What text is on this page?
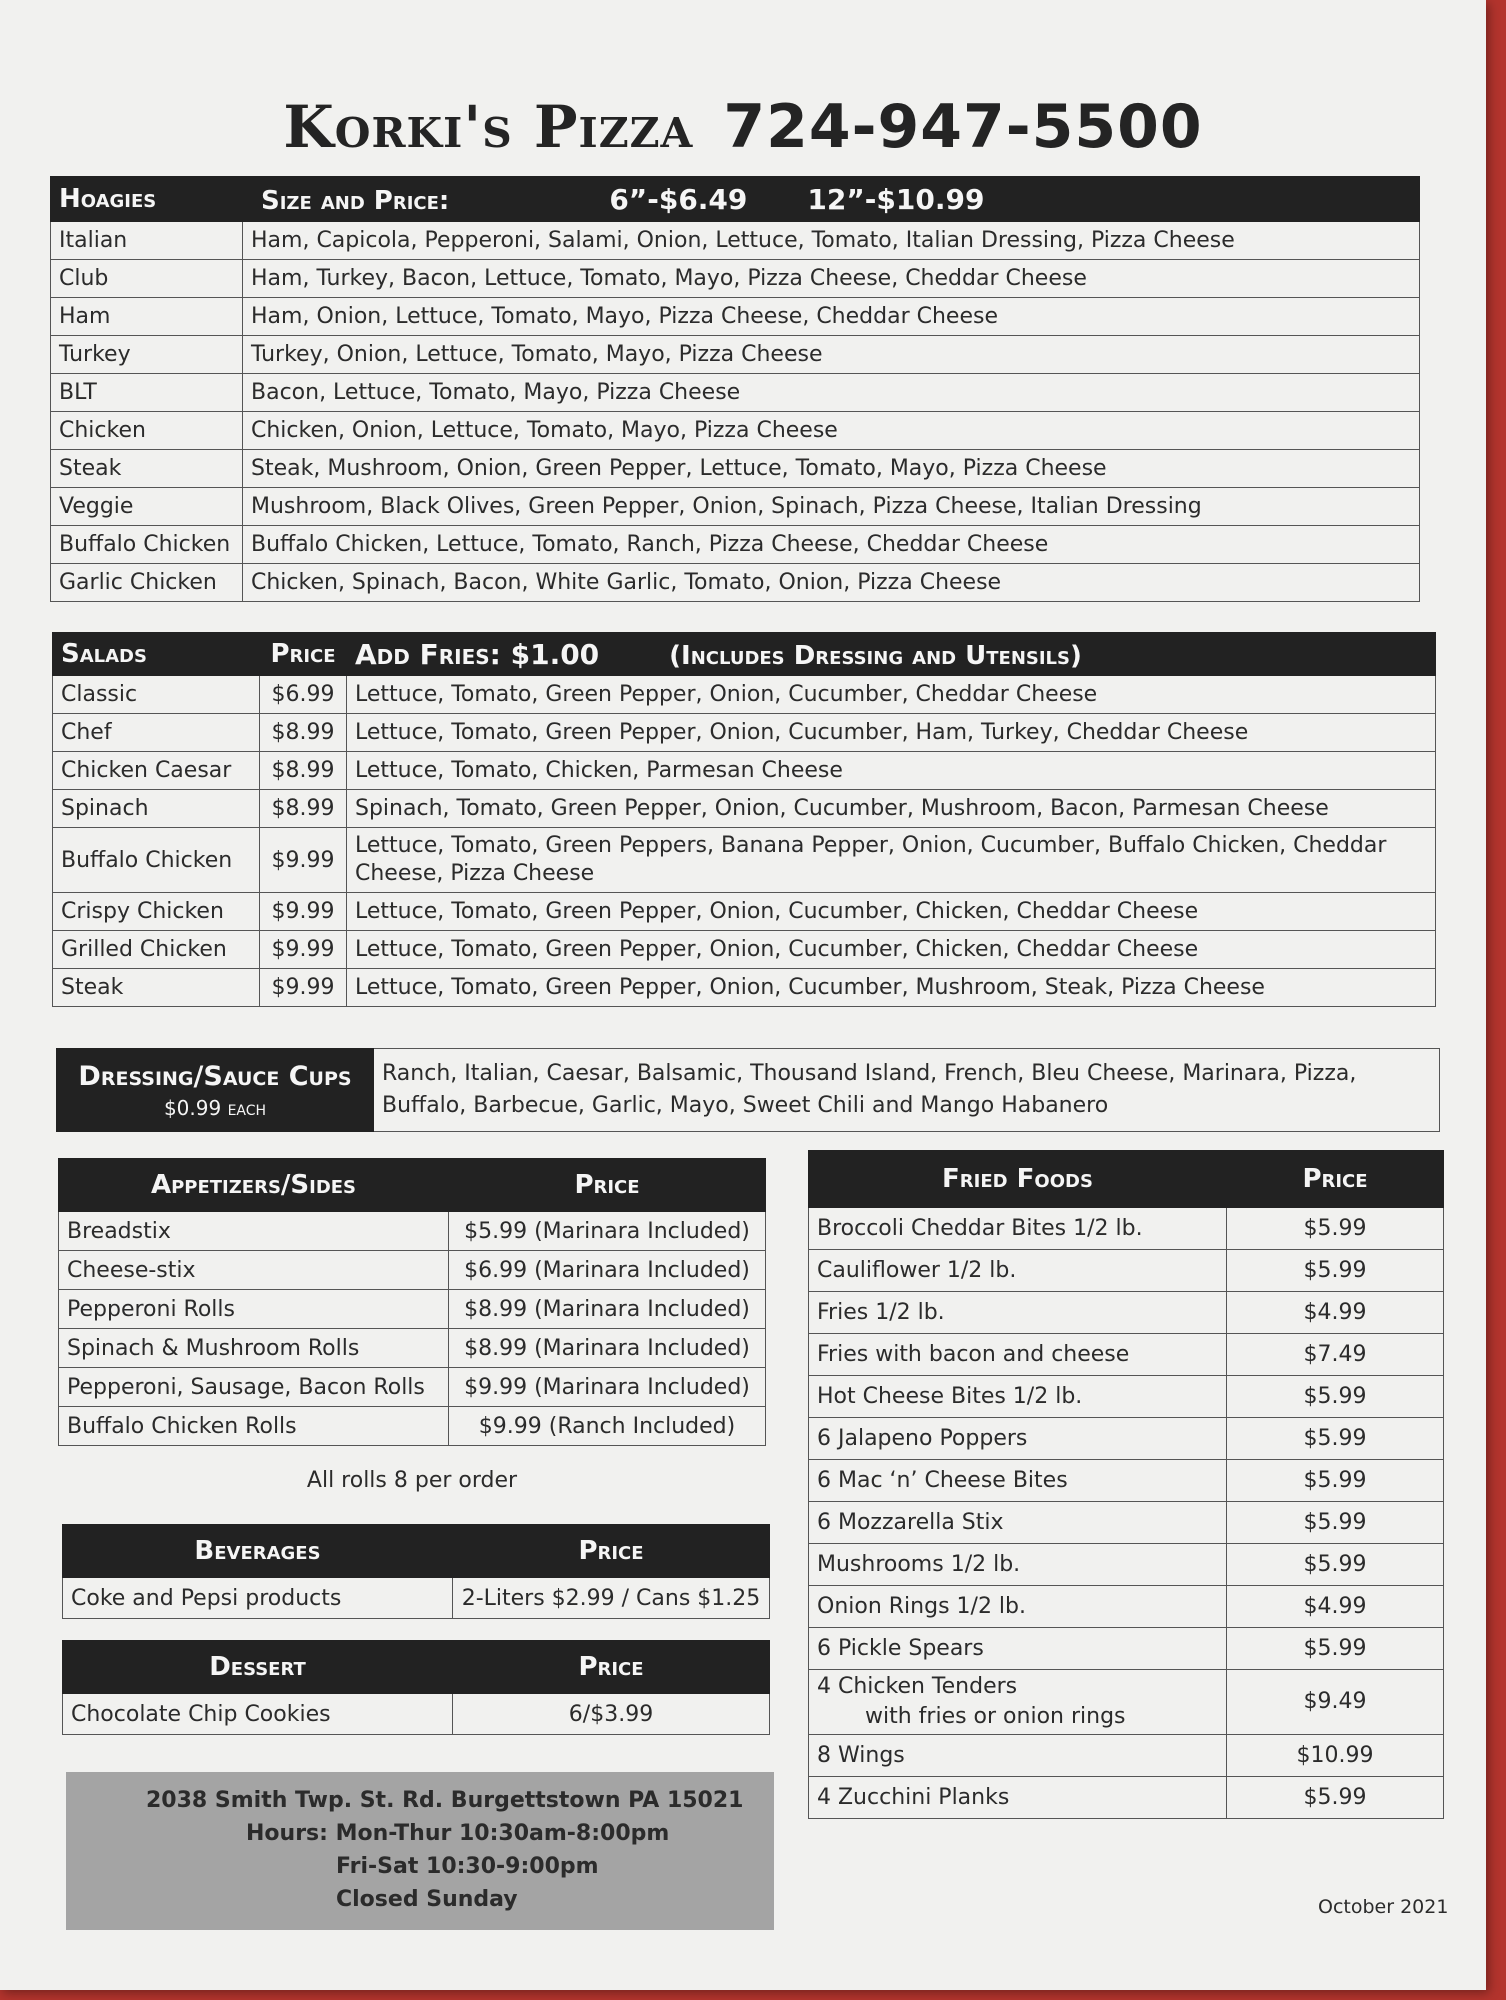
Korki's Pizza 724-947-5500
Hoagies	Size and Price: 6”-$6.49 12”-$10.99
Italian	Ham, Capicola, Pepperoni, Salami, Onion, Lettuce, Tomato, Italian Dressing, Pizza Cheese
Club	Ham, Turkey, Bacon, Lettuce, Tomato, Mayo, Pizza Cheese, Cheddar Cheese
Ham	Ham, Onion, Lettuce, Tomato, Mayo, Pizza Cheese, Cheddar Cheese
Turkey	Turkey, Onion, Lettuce, Tomato, Mayo, Pizza Cheese
BLT	Bacon, Lettuce, Tomato, Mayo, Pizza Cheese
Chicken	Chicken, Onion, Lettuce, Tomato, Mayo, Pizza Cheese
Steak	Steak, Mushroom, Onion, Green Pepper, Lettuce, Tomato, Mayo, Pizza Cheese
Veggie	Mushroom, Black Olives, Green Pepper, Onion, Spinach, Pizza Cheese, Italian Dressing
Buffalo Chicken	Buffalo Chicken, Lettuce, Tomato, Ranch, Pizza Cheese, Cheddar Cheese
Garlic Chicken	Chicken, Spinach, Bacon, White Garlic, Tomato, Onion, Pizza Cheese
Salads	Price	Add Fries: $1.00 (Includes Dressing and Utensils)
Classic	$6.99	Lettuce, Tomato, Green Pepper, Onion, Cucumber, Cheddar Cheese
Chef	$8.99	Lettuce, Tomato, Green Pepper, Onion, Cucumber, Ham, Turkey, Cheddar Cheese
Chicken Caesar	$8.99	Lettuce, Tomato, Chicken, Parmesan Cheese
Spinach	$8.99	Spinach, Tomato, Green Pepper, Onion, Cucumber, Mushroom, Bacon, Parmesan Cheese
Buffalo Chicken	$9.99	Lettuce, Tomato, Green Peppers, Banana Pepper, Onion, Cucumber, Buffalo Chicken, Cheddar Cheese, Pizza Cheese
Crispy Chicken	$9.99	Lettuce, Tomato, Green Pepper, Onion, Cucumber, Chicken, Cheddar Cheese
Grilled Chicken	$9.99	Lettuce, Tomato, Green Pepper, Onion, Cucumber, Chicken, Cheddar Cheese
Steak	$9.99	Lettuce, Tomato, Green Pepper, Onion, Cucumber, Mushroom, Steak, Pizza Cheese
Dressing/Sauce Cups
$0.99 each
	Ranch, Italian, Caesar, Balsamic, Thousand Island, French, Bleu Cheese, Marinara, Pizza, Buffalo, Barbecue, Garlic, Mayo, Sweet Chili and Mango Habanero
Appetizers/Sides	Price
Breadstix	$5.99 (Marinara Included)
Cheese-stix	$6.99 (Marinara Included)
Pepperoni Rolls	$8.99 (Marinara Included)
Spinach & Mushroom Rolls	$8.99 (Marinara Included)
Pepperoni, Sausage, Bacon Rolls	$9.99 (Marinara Included)
Buffalo Chicken Rolls	$9.99 (Ranch Included)
All rolls 8 per order
Beverages	Price
Coke and Pepsi products	2-Liters $2.99 / Cans $1.25
Dessert	Price
Chocolate Chip Cookies	6/$3.99
Fried Foods	Price
Broccoli Cheddar Bites 1/2 lb.	$5.99
Cauliflower 1/2 lb.	$5.99
Fries 1/2 lb.	$4.99
Fries with bacon and cheese	$7.49
Hot Cheese Bites 1/2 lb.	$5.99
6 Jalapeno Poppers	$5.99
6 Mac ‘n’ Cheese Bites	$5.99
6 Mozzarella Stix	$5.99
Mushrooms 1/2 lb.	$5.99
Onion Rings 1/2 lb.	$4.99
6 Pickle Spears	$5.99
4 Chicken Tenders
with fries or onion rings	$9.49
8 Wings	$10.99
4 Zucchini Planks	$5.99
2038 Smith Twp. St. Rd. Burgettstown PA 15021
Hours: Mon-Thur 10:30am-8:00pm
Fri-Sat 10:30-9:00pm
Closed Sunday	October 2021
